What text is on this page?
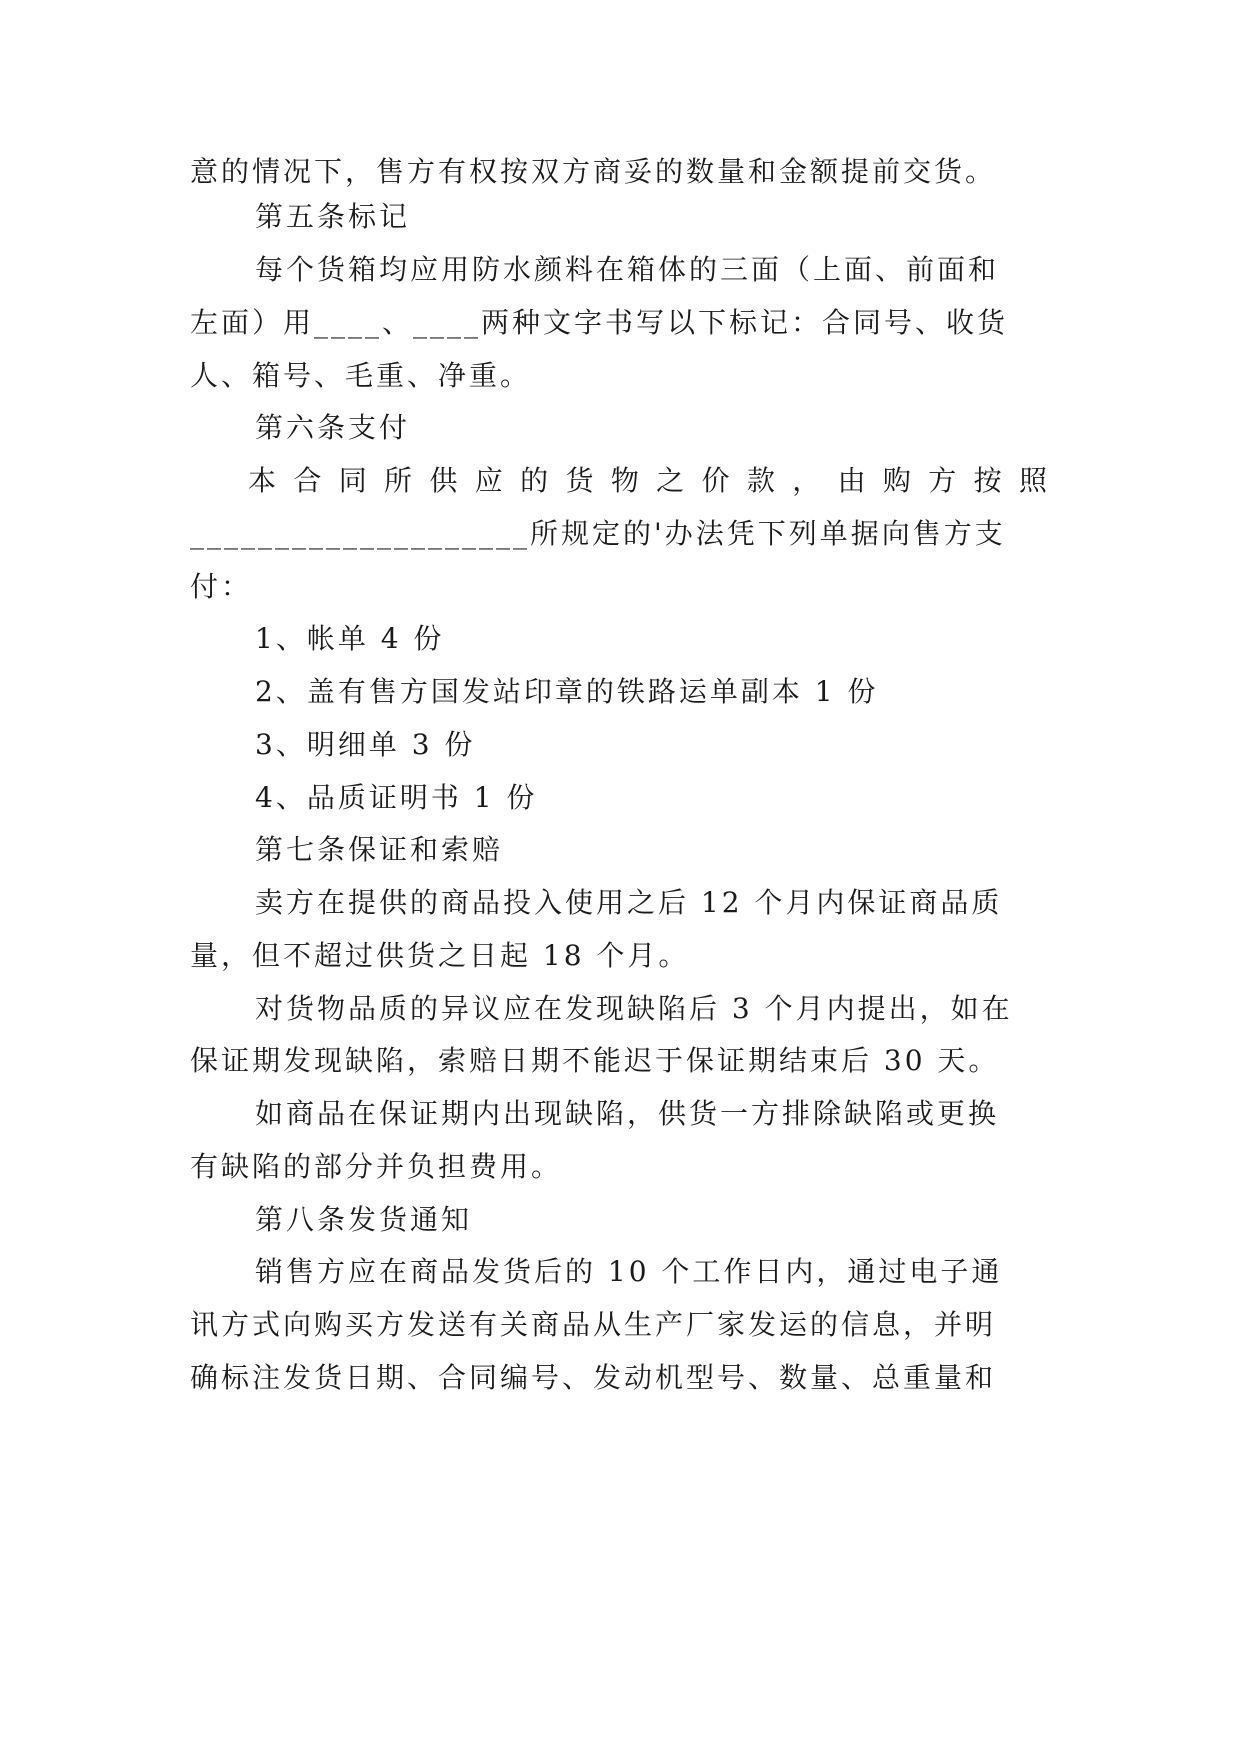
意的情况下，售方有权按双方商妥的数量和金额提前交货。
第五条标记
每个货箱均应用防水颜料在箱体的三面（上面、前面和
左面）用____、____两种文字书写以下标记：合同号、收货
人、箱号、毛重、净重。
第六条支付
本合同所供应的货物之价款，由购方按照
____________________所规定的'办法凭下列单据向售方支
付：
1、帐单 4 份
2、盖有售方国发站印章的铁路运单副本 1 份
3、明细单 3 份
4、品质证明书 1 份
第七条保证和索赔
卖方在提供的商品投入使用之后 12 个月内保证商品质
量，但不超过供货之日起 18 个月。
对货物品质的异议应在发现缺陷后 3 个月内提出，如在
保证期发现缺陷，索赔日期不能迟于保证期结束后 30 天。
如商品在保证期内出现缺陷，供货一方排除缺陷或更换
有缺陷的部分并负担费用。
第八条发货通知
销售方应在商品发货后的 10 个工作日内，通过电子通
讯方式向购买方发送有关商品从生产厂家发运的信息，并明
确标注发货日期、合同编号、发动机型号、数量、总重量和
